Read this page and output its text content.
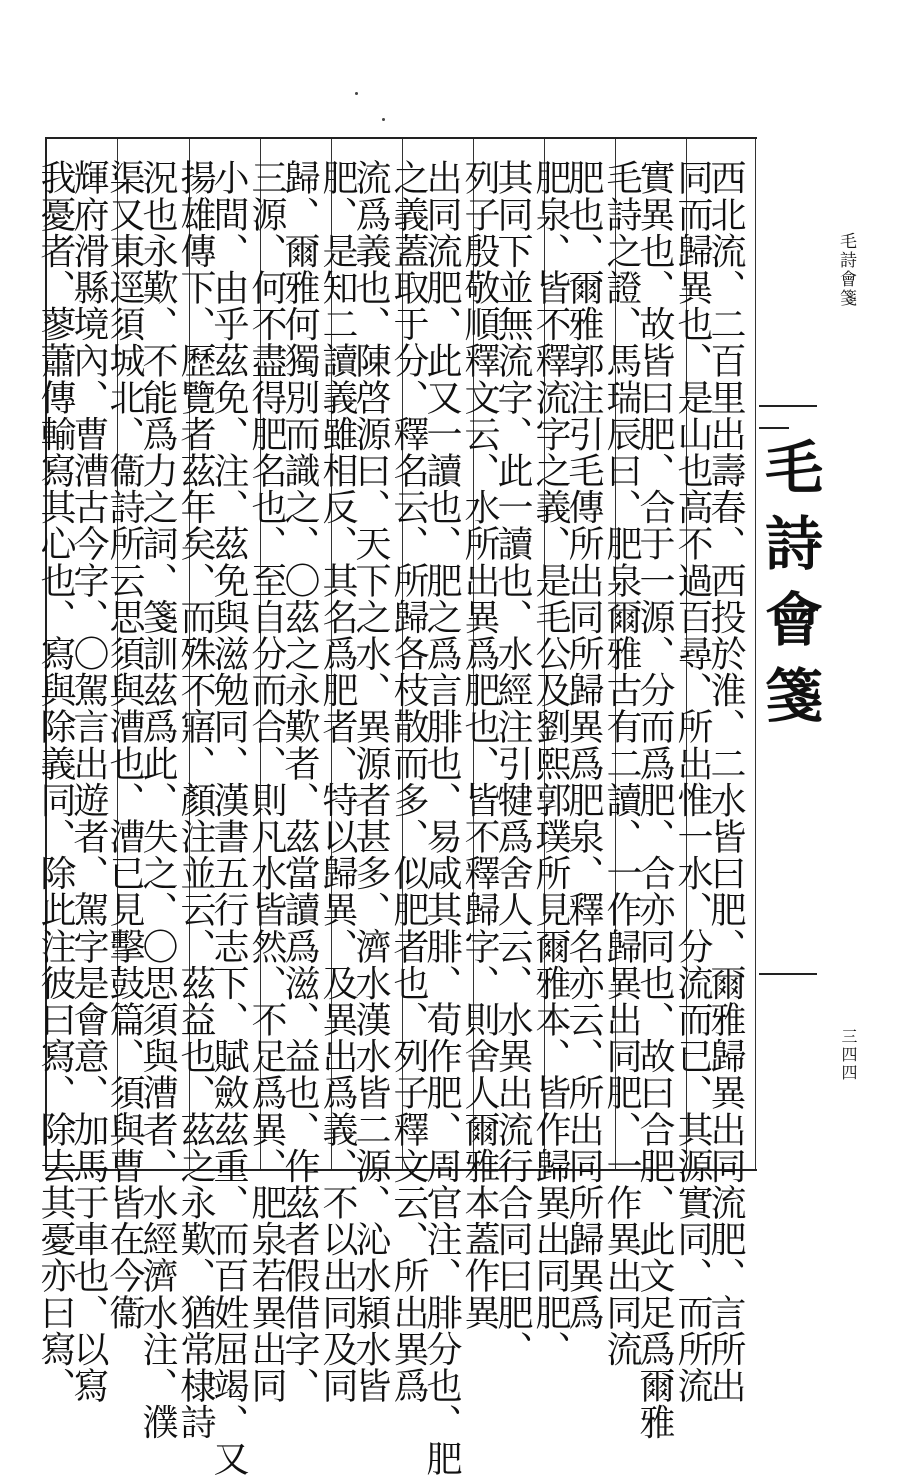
西北流、二百里出壽春、西投於淮、二水皆曰肥、爾雅歸異出同流肥、言所出
同而歸異也、是山也高不過百尋、所出惟一水、分流而已、其源實同、而所流
實異也、故皆曰肥、合于一源、分而爲肥、合亦同也、故曰合肥、此文足爲爾雅
毛詩之證、馬瑞辰曰、肥泉爾雅古有二讀、一作歸異出同肥、一作異出同流
肥也、爾雅郭注引毛傳所出同所歸異爲肥泉、釋名亦云、所出同所歸異爲
肥泉、皆不釋流字之義、是毛公及劉熙郭璞所見爾雅本、皆作歸異出同肥、
其同下並無流字、此一讀也、水經注引犍爲舍人云、水異出流行合同曰肥、
列子殷敬順釋文云、水所出異爲肥也、皆不釋歸字、則舍人爾雅本蓋作異
出同流肥、此又一讀也、肥之爲言腓也、易咸其腓、荀作肥、周官注、腓分也、肥
之義蓋取于分、釋名云、所歸各枝散而多、似肥者也、列子釋文云、所出異爲
流爲義也、陳啓源曰、天下之水、異源者甚多、濟水漢水皆二源、沁水潁水皆
肥、是知二讀義雖相反、其名爲肥者、特以歸異、及異出爲義、不以出同及同
歸、爾雅何獨別而識之、〇茲之永歎者、茲當讀爲滋、益也、作茲者假借字、
三源、何不盡得肥名也、至自分而合、則凡水皆然、不足爲異、肥泉若異出同
小間、由乎茲免、注、茲免與滋勉同、漢書五行志下、賦斂茲重、而百姓屈竭、又
揚雄傳下、歷覽者茲年矣、而殊不寤、顏注並云、茲益也、茲之永歎、猶常棣詩
況也永歎、不能爲力之詞、箋訓茲爲此、失之、〇思須與漕者、水經濟水注、濮
渠又東逕須城北、衞詩所云思須與漕也、漕已見擊鼓篇、須與曹皆在今衞
輝府滑縣境內、曹漕古今字、〇駕言出遊者、駕字是會意、加馬于車也、以寫
我憂者、蓼蕭傳輸寫其心也、寫與除義同、除此注彼曰寫、除去其憂亦曰寫、	毛詩會箋
毛詩會箋
三四四
